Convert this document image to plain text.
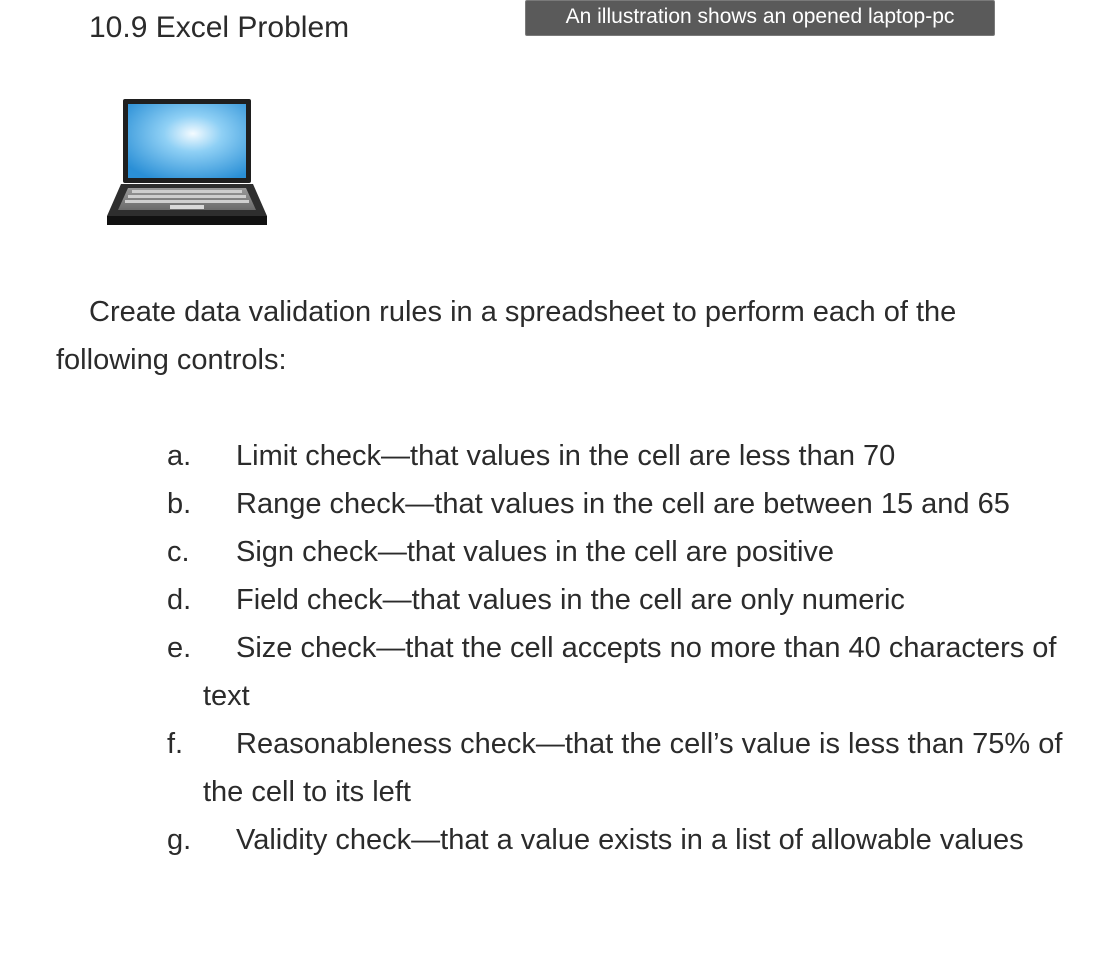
10.9 Excel Problem	An illustration shows an opened laptop-pc

Create data validation rules in a spreadsheet to perform each of the following controls:

a.	Limit check—that values in the cell are less than 70
b.	Range check—that values in the cell are between 15 and 65
c.	Sign check—that values in the cell are positive
d.	Field check—that values in the cell are only numeric
e.	Size check—that the cell accepts no more than 40 characters of text
f.	Reasonableness check—that the cell’s value is less than 75% of the cell to its left
g.	Validity check—that a value exists in a list of allowable values
